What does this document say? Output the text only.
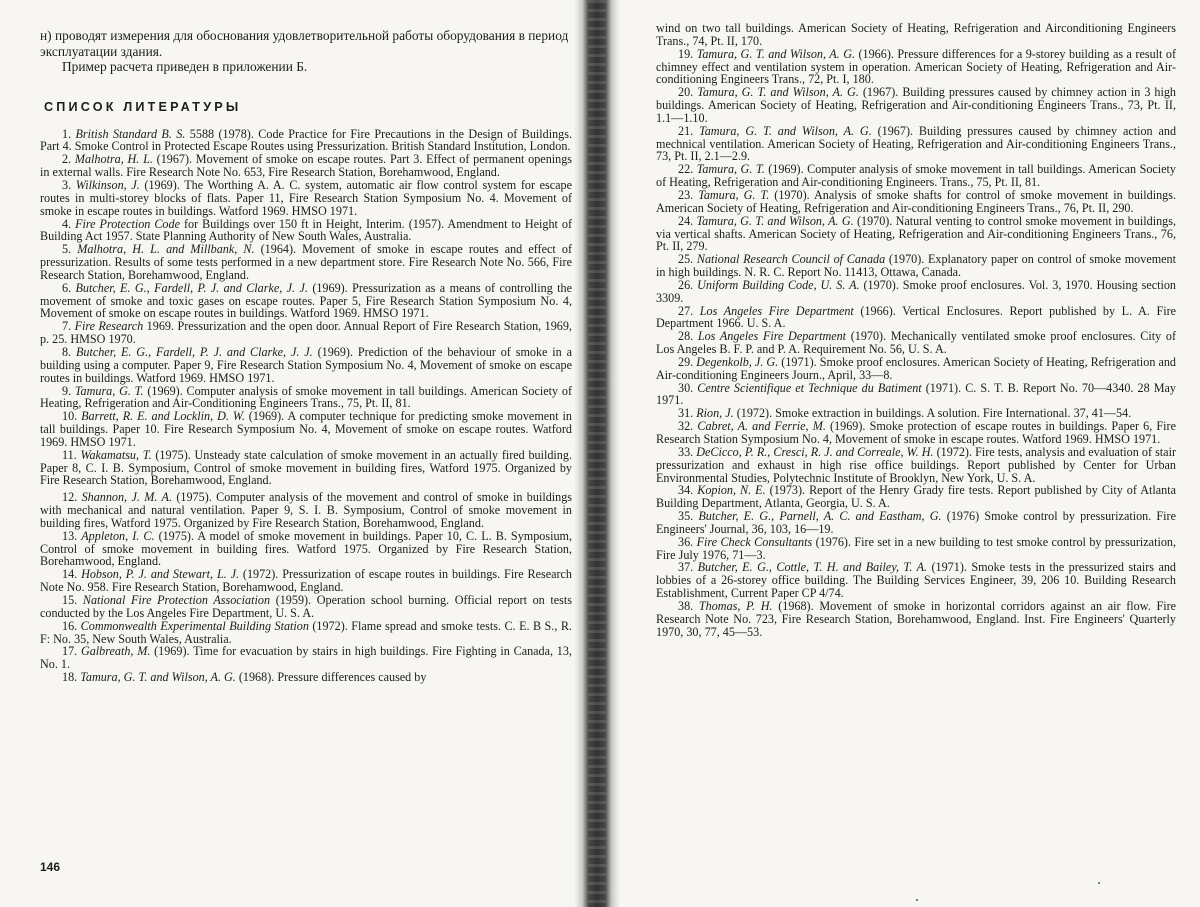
н) проводят измерения для обоснования удовлетворительной работы оборудования в период эксплуатации здания.

Пример расчета приведен в приложении Б.

СПИСОК ЛИТЕРАТУРЫ

1. British Standard B. S. 5588 (1978). Code Practice for Fire Precautions in the Design of Buildings. Part 4. Smoke Control in Protected Escape Routes using Pressurization. British Standard Institution, London.

2. Malhotra, H. L. (1967). Movement of smoke on escape routes. Part 3. Effect of permanent openings in external walls. Fire Research Note No. 653, Fire Research Station, Borehamwood, England.

3. Wilkinson, J. (1969). The Worthing A. A. C. system, automatic air flow control system for escape routes in multi-storey blocks of flats. Paper 11, Fire Research Station Symposium No. 4. Movement of smoke in escape routes in buildings. Watford 1969. HMSO 1971.

4. Fire Protection Code for Buildings over 150 ft in Height, Interim. (1957). Amendment to Height of Building Act 1957. State Planning Authority of New South Wales, Australia.

5. Malhotra, H. L. and Millbank, N. (1964). Movement of smoke in escape routes and effect of pressurization. Results of some tests performed in a new department store. Fire Research Note No. 566, Fire Research Station, Borehamwood, England.

6. Butcher, E. G., Fardell, P. J. and Clarke, J. J. (1969). Pressurization as a means of controlling the movement of smoke and toxic gases on escape routes. Paper 5, Fire Research Station Symposium No. 4, Movement of smoke on escape routes in buildings. Watford 1969. HMSO 1971.

7. Fire Research 1969. Pressurization and the open door. Annual Report of Fire Research Station, 1969, p. 25. HMSO 1970.

8. Butcher, E. G., Fardell, P. J. and Clarke, J. J. (1969). Prediction of the behaviour of smoke in a building using a computer. Paper 9, Fire Research Station Symposium No. 4, Movement of smoke on escape routes in buildings. Watford 1969. HMSO 1971.

9. Tamura, G. T. (1969). Computer analysis of smoke movement in tall buildings. American Society of Heating, Refrigeration and Air-Conditioning Engineers Trans., 75, Pt. II, 81.

10. Barrett, R. E. and Locklin, D. W. (1969). A computer technique for predicting smoke movement in tall buildings. Paper 10. Fire Research Symposium No. 4, Movement of smoke on escape routes. Watford 1969. HMSO 1971.

11. Wakamatsu, T. (1975). Unsteady state calculation of smoke movement in an actually fired building. Paper 8, C. I. B. Symposium, Control of smoke movement in building fires, Watford 1975. Organized by Fire Research Station, Borehamwood, England.

12. Shannon, J. M. A. (1975). Computer analysis of the movement and control of smoke in buildings with mechanical and natural ventilation. Paper 9, S. I. B. Symposium, Control of smoke movement in building fires, Watford 1975. Organized by Fire Research Station, Borehamwood, England.

13. Appleton, I. C. (1975). A model of smoke movement in buildings. Paper 10, C. L. B. Symposium, Control of smoke movement in building fires. Watford 1975. Organized by Fire Research Station, Borehamwood, England.

14. Hobson, P. J. and Stewart, L. J. (1972). Pressurization of escape routes in buildings. Fire Research Note No. 958. Fire Research Station, Borehamwood, England.

15. National Fire Protection Association (1959). Operation school burning. Official report on tests conducted by the Los Angeles Fire Department, U. S. A.

16. Commonwealth Experimental Building Station (1972). Flame spread and smoke tests. C. E. B S., R. F: No. 35, New South Wales, Australia.

17. Galbreath, M. (1969). Time for evacuation by stairs in high buildings. Fire Fighting in Canada, 13, No. 1.

18. Tamura, G. T. and Wilson, A. G. (1968). Pressure differences caused by

146

wind on two tall buildings. American Society of Heating, Refrigeration and Airconditioning Engineers Trans., 74, Pt. II, 170.

19. Tamura, G. T. and Wilson, A. G. (1966). Pressure differences for a 9-storey building as a result of chimney effect and ventilation system in operation. American Society of Heating, Refrigeration and Air-conditioning Engineers Trans., 72, Pt. I, 180.

20. Tamura, G. T. and Wilson, A. G. (1967). Building pressures caused by chimney action in 3 high buildings. American Society of Heating, Refrigeration and Air-conditioning Engineers Trans., 73, Pt. II, 1.1—1.10.

21. Tamura, G. T. and Wilson, A. G. (1967). Building pressures caused by chimney action and mechnical ventilation. American Society of Heating, Refrigeration and Air-conditioning Engineers Trans., 73, Pt. II, 2.1—2.9.

22. Tamura, G. T. (1969). Computer analysis of smoke movement in tall buildings. American Society of Heating, Refrigeration and Air-conditioning Engineers. Trans., 75, Pt. II, 81.

23. Tamura, G. T. (1970). Analysis of smoke shafts for control of smoke movement in buildings. American Society of Heating, Refrigeration and Air-conditioning Engineers Trans., 76, Pt. II, 290.

24. Tamura, G. T. and Wilson, A. G. (1970). Natural venting to control smoke movement in buildings, via vertical shafts. American Society of Heating, Refrigeration and Air-conditioning Engineers Trans., 76, Pt. II, 279.

25. National Research Council of Canada (1970). Explanatory paper on control of smoke movement in high buildings. N. R. C. Report No. 11413, Ottawa, Canada.

26. Uniform Building Code, U. S. A. (1970). Smoke proof enclosures. Vol. 3, 1970. Housing section 3309.

27. Los Angeles Fire Department (1966). Vertical Enclosures. Report published by L. A. Fire Department 1966. U. S. A.

28. Los Angeles Fire Department (1970). Mechanically ventilated smoke proof enclosures. City of Los Angeles B. F. P. and P. A. Requirement No. 56, U. S. A.

29. Degenkolb, J. G. (1971). Smoke proof enclosures. American Society of Heating, Refrigeration and Air-conditioning Engineers Journ., April, 33—8.

30. Centre Scientifique et Technique du Batiment (1971). C. S. T. B. Report No. 70—4340. 28 May 1971.

31. Rion, J. (1972). Smoke extraction in buildings. A solution. Fire International. 37, 41—54.

32. Cabret, A. and Ferrie, M. (1969). Smoke protection of escape routes in buildings. Paper 6, Fire Research Station Symposium No. 4, Movement of smoke in escape routes. Watford 1969. HMSO 1971.

33. DeCicco, P. R., Cresci, R. J. and Correale, W. H. (1972). Fire tests, analysis and evaluation of stair pressurization and exhaust in high rise office buildings. Report published by Center for Urban Environmental Studies, Polytechnic Institute of Brooklyn, New York, U. S. A.

34. Kopion, N. E. (1973). Report of the Henry Grady fire tests. Report published by City of Atlanta Building Department, Atlanta, Georgia, U. S. A.

35. Butcher, E. G., Parnell, A. C. and Eastham, G. (1976) Smoke control by pressurization. Fire Engineers' Journal, 36, 103, 16—19.

36. Fire Check Consultants (1976). Fire set in a new building to test smoke control by pressurization, Fire July 1976, 71—3.

37. Butcher, E. G., Cottle, T. H. and Bailey, T. A. (1971). Smoke tests in the pressurized stairs and lobbies of a 26-storey office building. The Building Services Engineer, 39, 206 10. Building Research Establishment, Current Paper CP 4/74.

38. Thomas, P. H. (1968). Movement of smoke in horizontal corridors against an air flow. Fire Research Note No. 723, Fire Research Station, Borehamwood, England. Inst. Fire Engineers' Quarterly 1970, 30, 77, 45—53.
